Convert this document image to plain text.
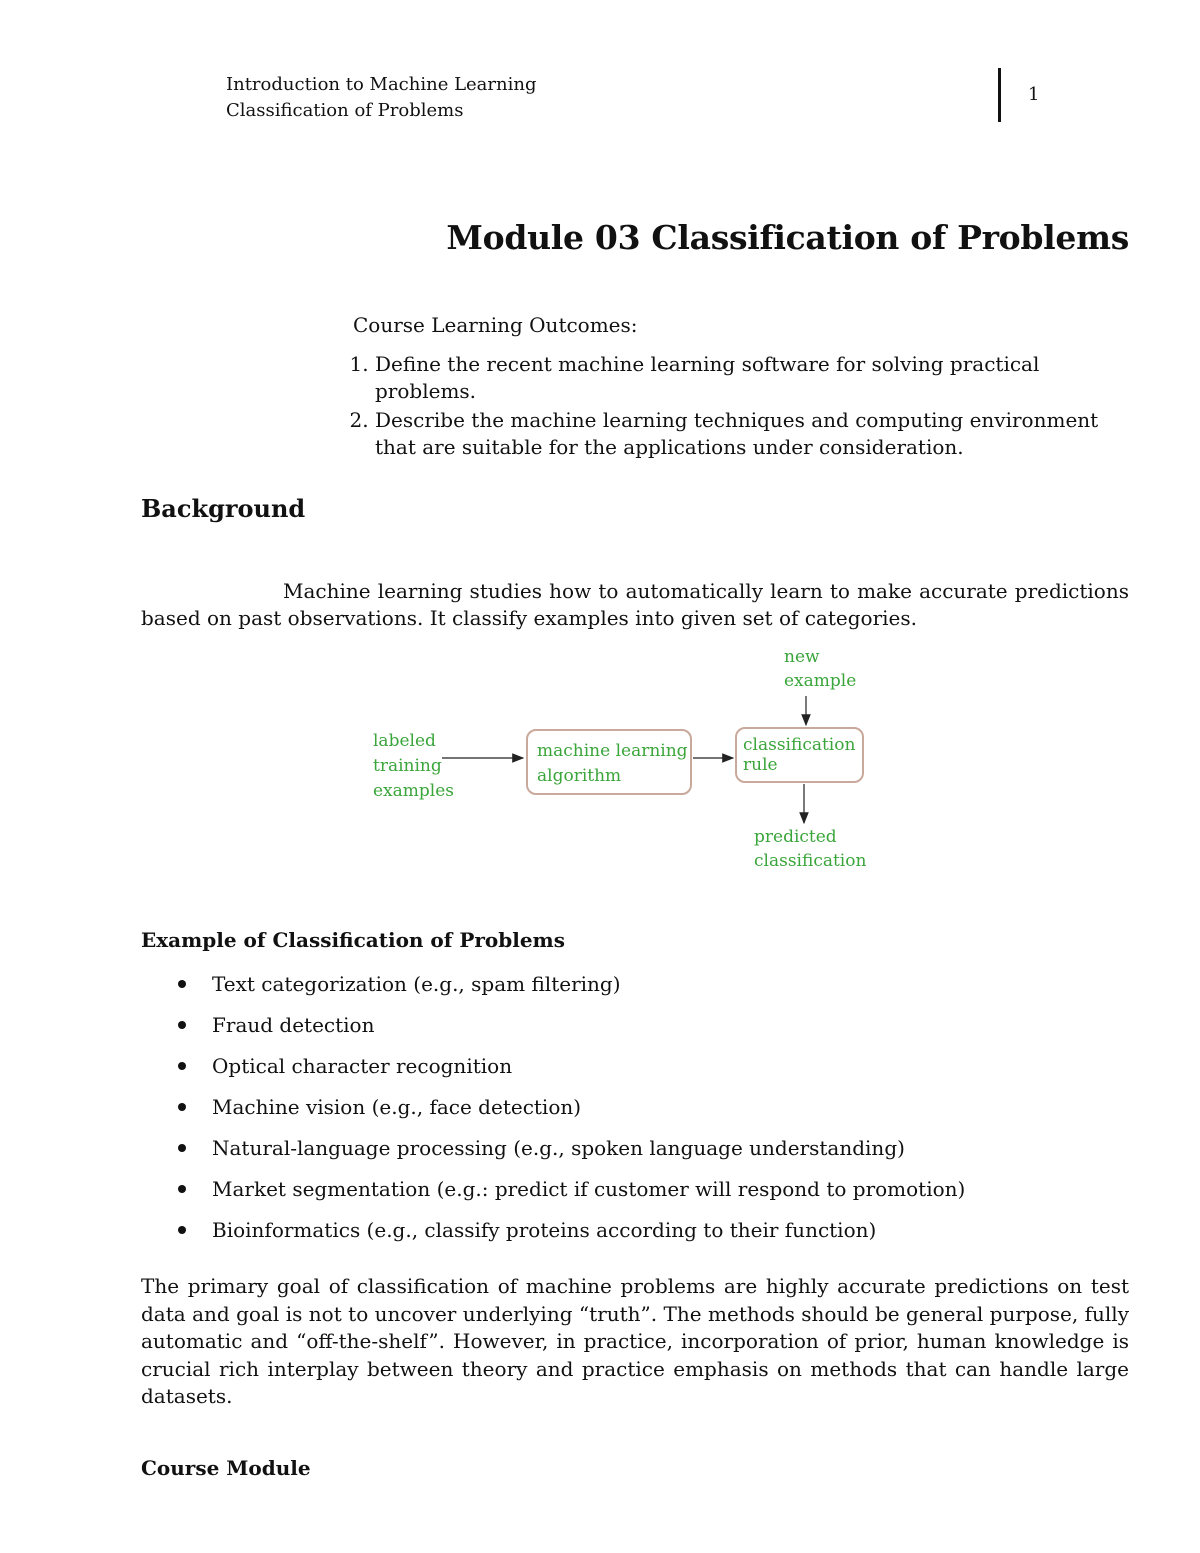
Introduction to Machine Learning
Classification of Problems
1
Module 03 Classification of Problems
Course Learning Outcomes:
1. Define the recent machine learning software for solving practical problems.
2. Describe the machine learning techniques and computing environment that are suitable for the applications under consideration.
Background

Machine learning studies how to automatically learn to make accurate predictions based on past observations. It classify examples into given set of categories.

labeled
training
examples
machine learning
algorithm
new
example
classification
rule
predicted
classification
Example of Classification of Problems
Text categorization (e.g., spam filtering)
Fraud detection
Optical character recognition
Machine vision (e.g., face detection)
Natural-language processing (e.g., spoken language understanding)
Market segmentation (e.g.: predict if customer will respond to promotion)
Bioinformatics (e.g., classify proteins according to their function)

The primary goal of classification of machine problems are highly accurate predictions on test data and goal is not to uncover underlying “truth”. The methods should be general purpose, fully automatic and “off-the-shelf”. However, in practice, incorporation of prior, human knowledge is crucial rich interplay between theory and practice emphasis on methods that can handle large datasets.

Course Module
